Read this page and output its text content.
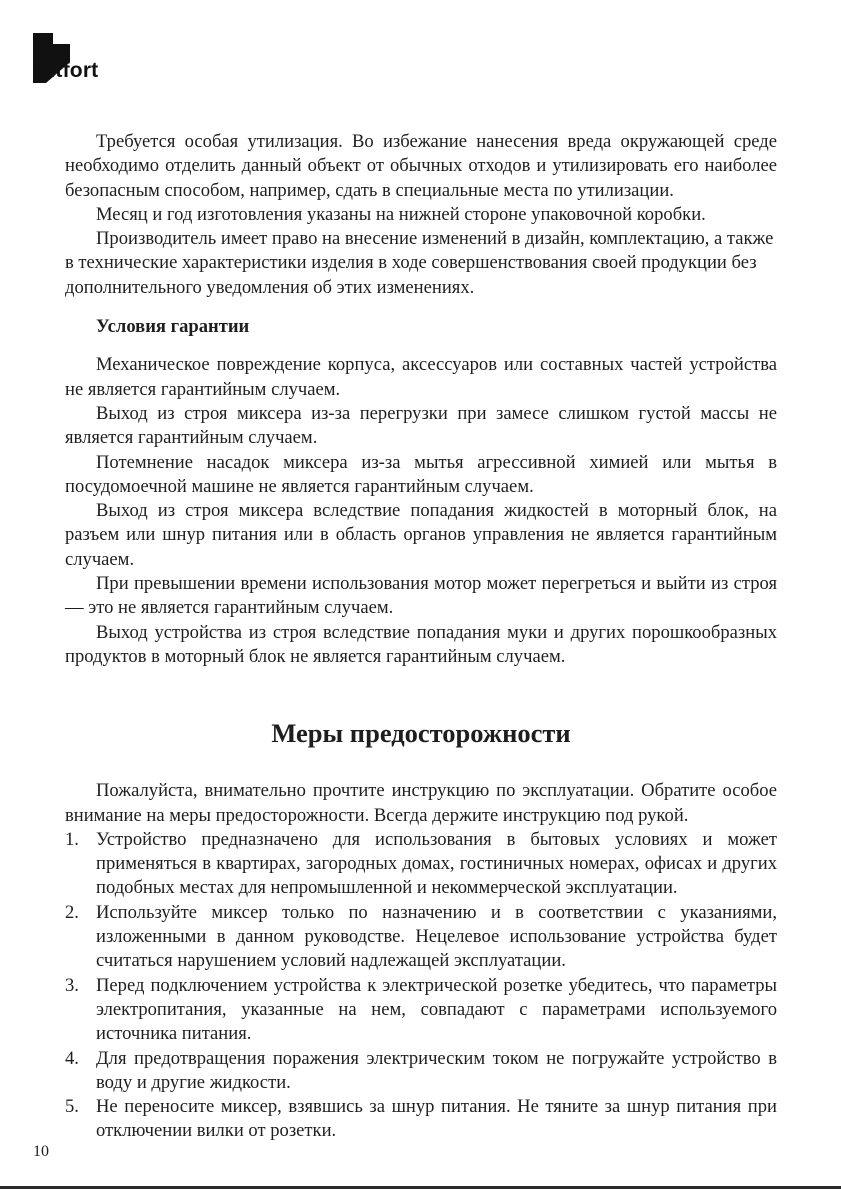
Kitfort

Требуется особая утилизация. Во избежание нанесения вреда окружающей среде необходимо отделить данный объект от обычных отходов и утилизировать его наиболее безопасным способом, например, сдать в специальные места по утилизации.

Месяц и год изготовления указаны на нижней стороне упаковочной коробки.

Производитель имеет право на внесение изменений в дизайн, комплектацию, а также в технические характеристики изделия в ходе совершенствования своей продукции без дополнительного уведомления об этих изменениях.

Условия гарантии

Механическое повреждение корпуса, аксессуаров или составных частей устройства не является гарантийным случаем.

Выход из строя миксера из-за перегрузки при замесе слишком густой массы не является гарантийным случаем.

Потемнение насадок миксера из-за мытья агрессивной химией или мытья в посудомоечной машине не является гарантийным случаем.

Выход из строя миксера вследствие попадания жидкостей в моторный блок, на разъем или шнур питания или в область органов управления не является гарантийным случаем.

При превышении времени использования мотор может перегреться и выйти из строя — это не является гарантийным случаем.

Выход устройства из строя вследствие попадания муки и других порошкообразных продуктов в моторный блок не является гарантийным случаем.

Меры предосторожности

Пожалуйста, внимательно прочтите инструкцию по эксплуатации. Обратите особое внимание на меры предосторожности. Всегда держите инструкцию под рукой.

1. Устройство предназначено для использования в бытовых условиях и может применяться в квартирах, загородных домах, гостиничных номерах, офисах и других подобных местах для непромышленной и некоммерческой эксплуатации.
2. Используйте миксер только по назначению и в соответствии с указаниями, изложенными в данном руководстве. Нецелевое использование устройства будет считаться нарушением условий надлежащей эксплуатации.
3. Перед подключением устройства к электрической розетке убедитесь, что параметры электропитания, указанные на нем, совпадают с параметрами используемого источника питания.
4. Для предотвращения поражения электрическим током не погружайте устройство в воду и другие жидкости.
5. Не переносите миксер, взявшись за шнур питания. Не тяните за шнур питания при отключении вилки от розетки.
10
